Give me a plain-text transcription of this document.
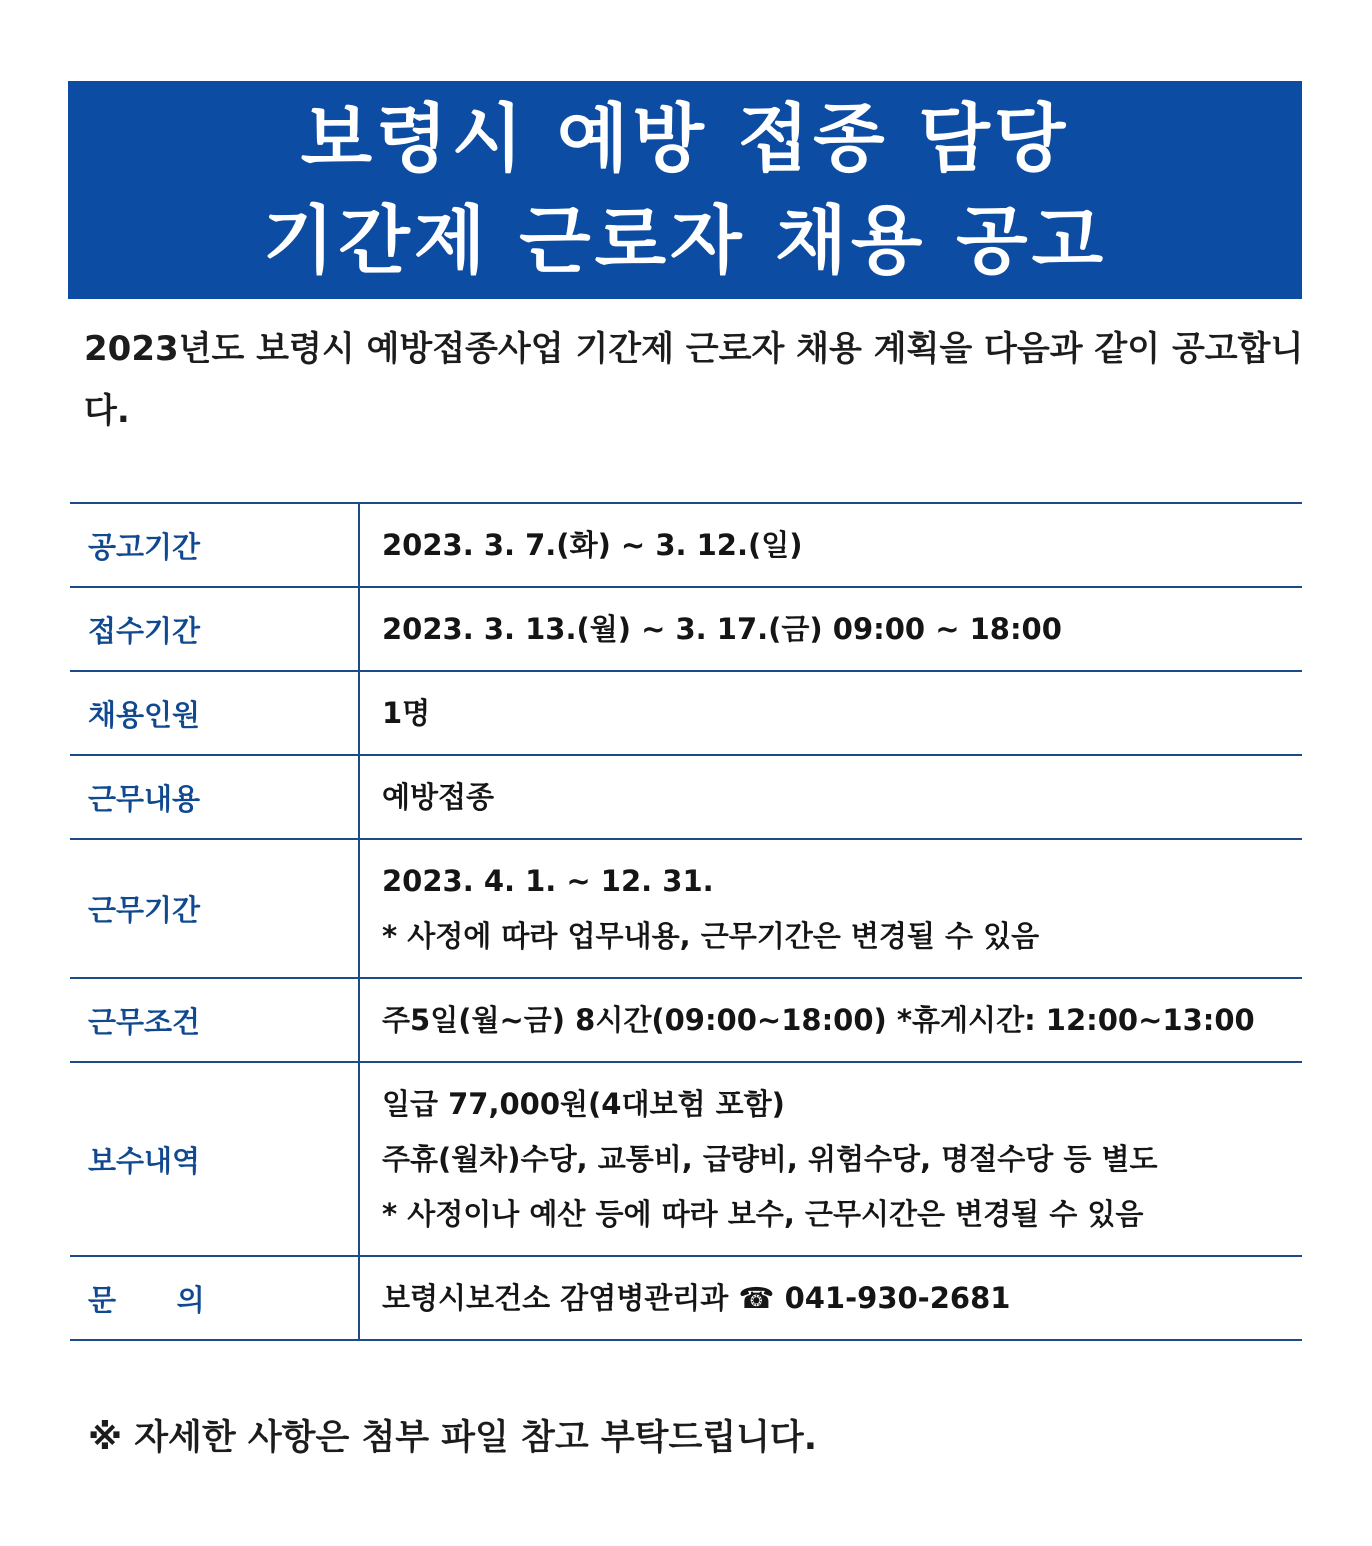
보령시 예방 접종 담당
기간제 근로자 채용 공고
2023년도 보령시 예방접종사업 기간제 근로자 채용 계획을 다음과 같이 공고합니다.
공고기간	2023. 3. 7.(화) ~ 3. 12.(일)

접수기간	2023. 3. 13.(월) ~ 3. 17.(금) 09:00 ~ 18:00

채용인원	1명

근무내용	예방접종

근무기간	2023. 4. 1. ~ 12. 31.
* 사정에 따라 업무내용, 근무기간은 변경될 수 있음

근무조건	주5일(월~금) 8시간(09:00~18:00) *휴게시간: 12:00~13:00

보수내역	일급 77,000원(4대보험 포함)
주휴(월차)수당, 교통비, 급량비, 위험수당, 명절수당 등 별도
* 사정이나 예산 등에 따라 보수, 근무시간은 변경될 수 있음

문      의	보령시보건소 감염병관리과 ☎ 041-930-2681
※ 자세한 사항은 첨부 파일 참고 부탁드립니다.
